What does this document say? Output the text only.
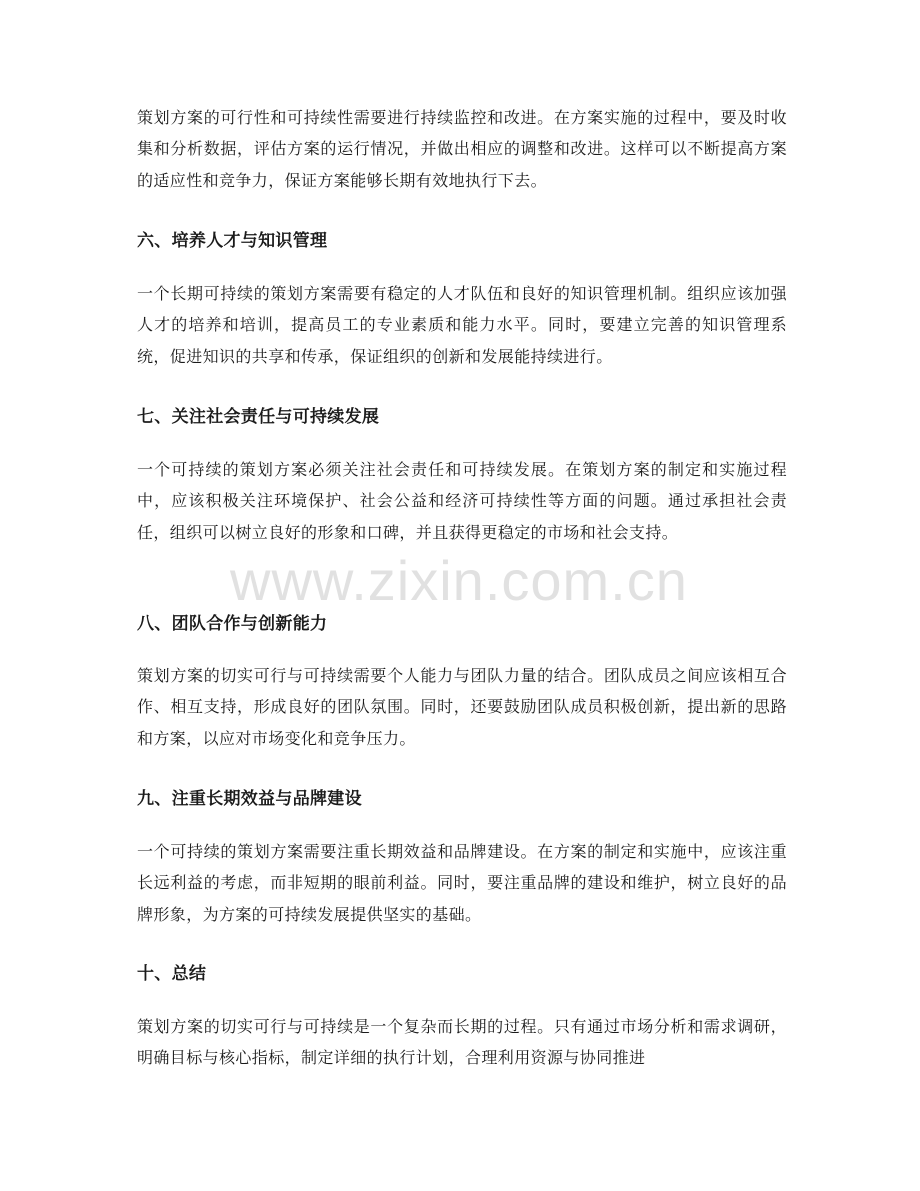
策划方案的可行性和可持续性需要进行持续监控和改进。在方案实施的过程中，要及时收集和分析数据，评估方案的运行情况，并做出相应的调整和改进。这样可以不断提高方案的适应性和竞争力，保证方案能够长期有效地执行下去。

六、培养人才与知识管理

一个长期可持续的策划方案需要有稳定的人才队伍和良好的知识管理机制。组织应该加强人才的培养和培训，提高员工的专业素质和能力水平。同时，要建立完善的知识管理系统，促进知识的共享和传承，保证组织的创新和发展能持续进行。

七、关注社会责任与可持续发展

一个可持续的策划方案必须关注社会责任和可持续发展。在策划方案的制定和实施过程中，应该积极关注环境保护、社会公益和经济可持续性等方面的问题。通过承担社会责任，组织可以树立良好的形象和口碑，并且获得更稳定的市场和社会支持。

八、团队合作与创新能力

策划方案的切实可行与可持续需要个人能力与团队力量的结合。团队成员之间应该相互合作、相互支持，形成良好的团队氛围。同时，还要鼓励团队成员积极创新，提出新的思路和方案，以应对市场变化和竞争压力。

九、注重长期效益与品牌建设

一个可持续的策划方案需要注重长期效益和品牌建设。在方案的制定和实施中，应该注重长远利益的考虑，而非短期的眼前利益。同时，要注重品牌的建设和维护，树立良好的品牌形象，为方案的可持续发展提供坚实的基础。

十、总结

策划方案的切实可行与可持续是一个复杂而长期的过程。只有通过市场分析和需求调研，明确目标与核心指标，制定详细的执行计划，合理利用资源与协同推进

www.zixin.com.cn
